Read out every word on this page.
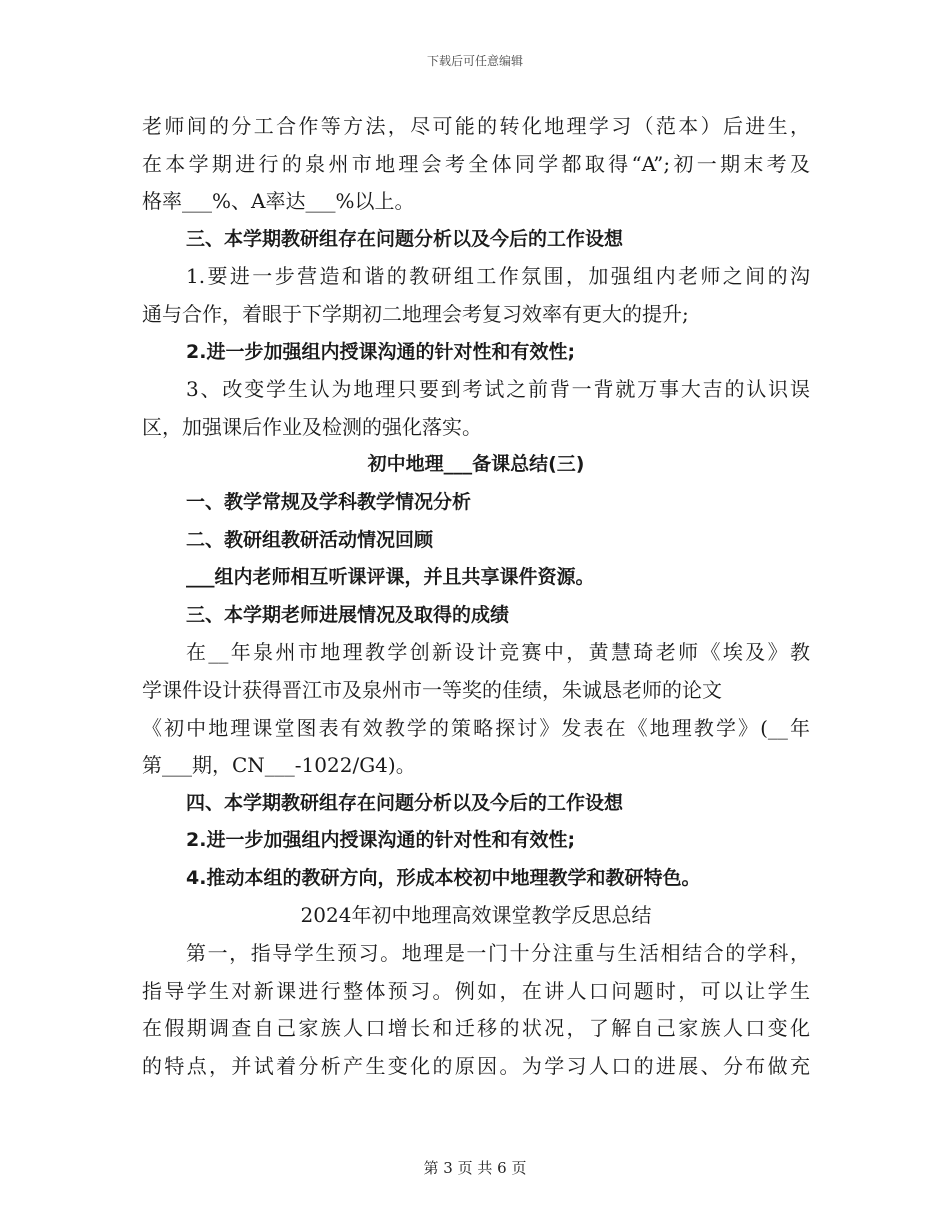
下载后可任意编辑
老师间的分工合作等方法，尽可能的转化地理学习（范本）后进生，
在本学期进行的泉州市地理会考全体同学都取得“A”;初一期末考及
格率___%、A率达___%以上。
三、本学期教研组存在问题分析以及今后的工作设想
1.要进一步营造和谐的教研组工作氛围，加强组内老师之间的沟
通与合作，着眼于下学期初二地理会考复习效率有更大的提升;
2.进一步加强组内授课沟通的针对性和有效性;
3、改变学生认为地理只要到考试之前背一背就万事大吉的认识误
区，加强课后作业及检测的强化落实。
初中地理___备课总结(三)
一、教学常规及学科教学情况分析
二、教研组教研活动情况回顾
___组内老师相互听课评课，并且共享课件资源。
三、本学期老师进展情况及取得的成绩
在__年泉州市地理教学创新设计竞赛中，黄慧琦老师《埃及》教
学课件设计获得晋江市及泉州市一等奖的佳绩，朱诚恳老师的论文
《初中地理课堂图表有效教学的策略探讨》发表在《地理教学》(__年
第___期，CN___-1022/G4)。
四、本学期教研组存在问题分析以及今后的工作设想
2.进一步加强组内授课沟通的针对性和有效性;
4.推动本组的教研方向，形成本校初中地理教学和教研特色。
2024年初中地理高效课堂教学反思总结
第一，指导学生预习。地理是一门十分注重与生活相结合的学科，
指导学生对新课进行整体预习。例如，在讲人口问题时，可以让学生
在假期调查自己家族人口增长和迁移的状况，了解自己家族人口变化
的特点，并试着分析产生变化的原因。为学习人口的进展、分布做充
第 3 页 共 6 页
